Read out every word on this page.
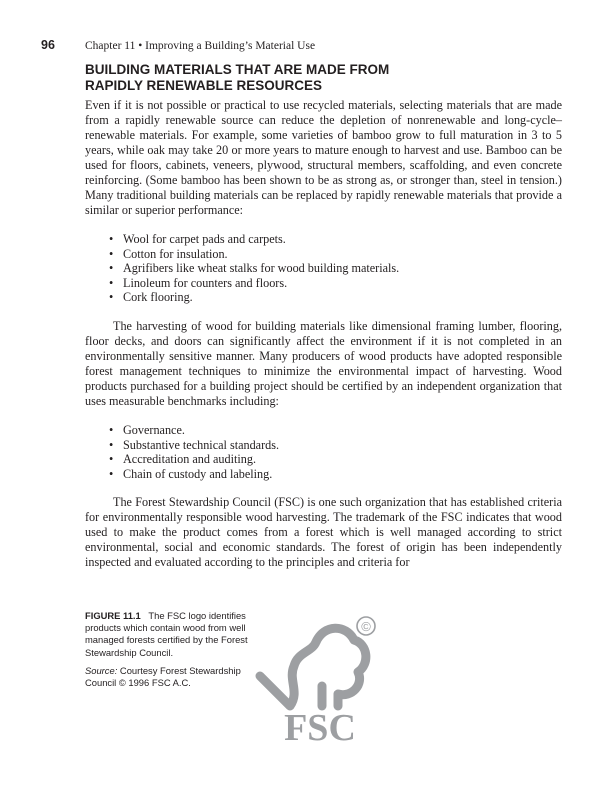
96	Chapter 11 • Improving a Building’s Material Use
BUILDING MATERIALS THAT ARE MADE FROM
RAPIDLY RENEWABLE RESOURCES

Even if it is not possible or practical to use recycled materials, selecting materials that are made from a rapidly renewable source can reduce the depletion of nonrenewable and long-cycle–renewable materials. For example, some varieties of bamboo grow to full maturation in 3 to 5 years, while oak may take 20 or more years to mature enough to harvest and use. Bamboo can be used for floors, cabinets, veneers, plywood, structural members, scaffolding, and even concrete reinforcing. (Some bamboo has been shown to be as strong as, or stronger than, steel in tension.) Many traditional building materials can be replaced by rapidly renewable materials that provide a similar or superior performance:

• Wool for carpet pads and carpets.
• Cotton for insulation.
• Agrifibers like wheat stalks for wood building materials.
• Linoleum for counters and floors.
• Cork flooring.

The harvesting of wood for building materials like dimensional framing lumber, flooring, floor decks, and doors can significantly affect the environment if it is not completed in an environmentally sensitive manner. Many producers of wood products have adopted responsible forest management techniques to minimize the environmental impact of harvesting. Wood products purchased for a building project should be certified by an independent organization that uses measurable benchmarks including:

• Governance.
• Substantive technical standards.
• Accreditation and auditing.
• Chain of custody and labeling.

The Forest Stewardship Council (FSC) is one such organization that has established criteria for environmentally responsible wood harvesting. The trademark of the FSC indicates that wood used to make the product comes from a forest which is well managed according to strict environmental, social and economic standards. The forest of origin has been independently inspected and evaluated according to the principles and criteria for

FIGURE 11.1 The FSC logo identifies products which contain wood from well managed forests certified by the Forest Stewardship Council.
Source: Courtesy Forest Stewardship Council © 1996 FSC A.C.
©
FSC
